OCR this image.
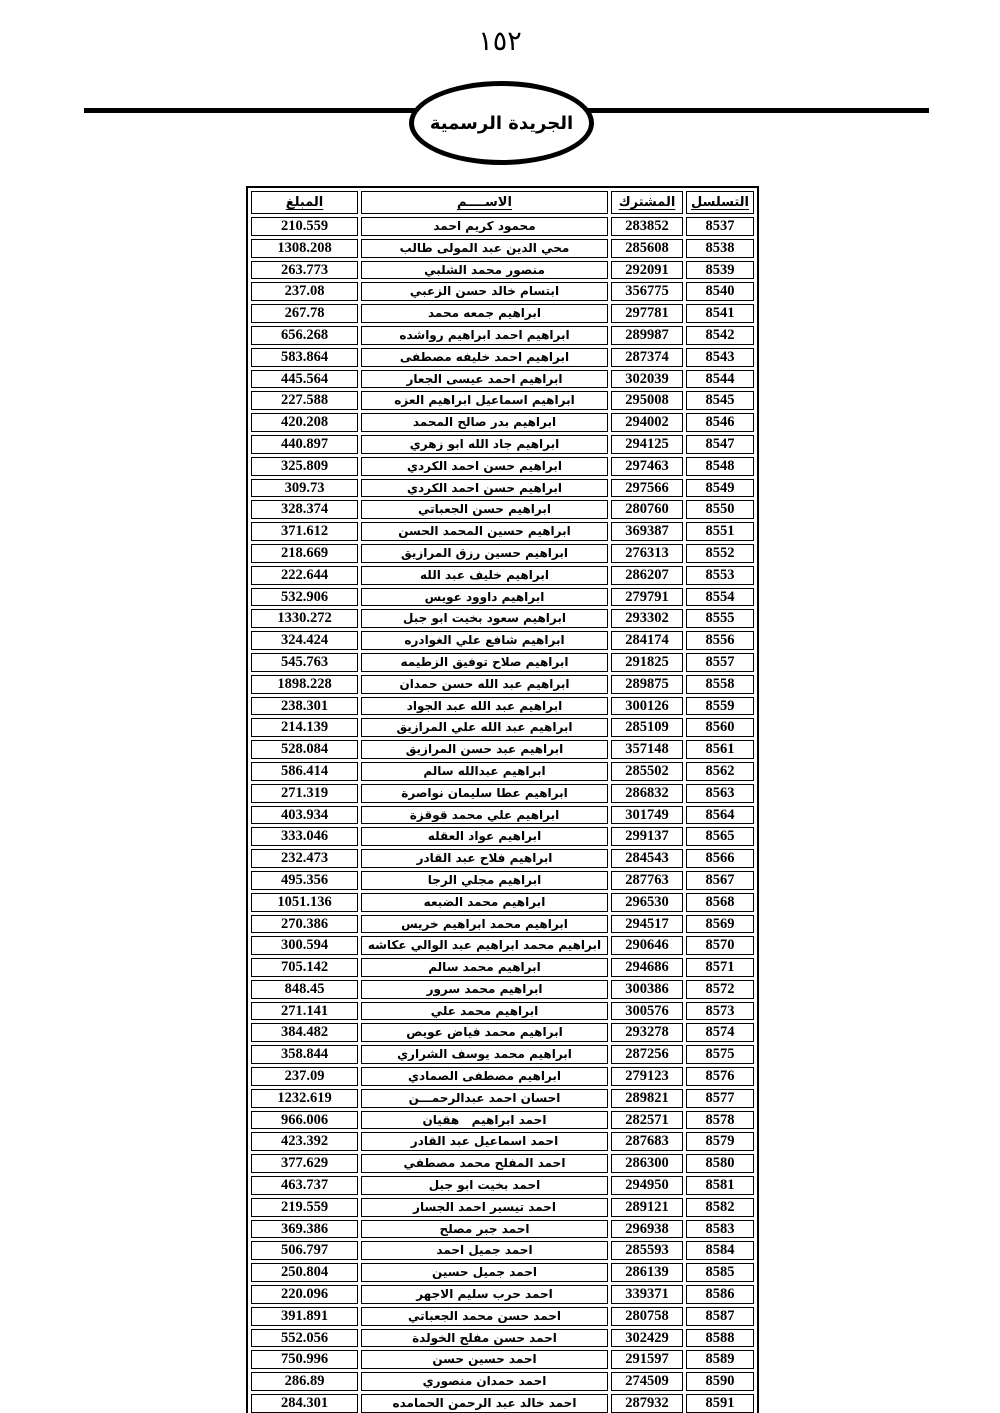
١٥٢
الجريدة الرسمية
التسلسل	المشترك	الاســــم	المبلغ
8537	283852	محمود كريم احمد	210.559
8538	285608	محي الدين عبد المولى طالب	1308.208
8539	292091	منصور محمد الشلبي	263.773
8540	356775	ابتسام خالد حسن الزعبي	237.08
8541	297781	ابراهيم جمعه محمد	267.78
8542	289987	ابراهيم احمد ابراهيم رواشده	656.268
8543	287374	ابراهيم احمد خليفه مصطفى	583.864
8544	302039	ابراهيم احمد عيسى الجعار	445.564
8545	295008	ابراهيم اسماعيل ابراهيم العزه	227.588
8546	294002	ابراهيم بدر صالح المحمد	420.208
8547	294125	ابراهيم جاد الله ابو زهري	440.897
8548	297463	ابراهيم حسن احمد الكردي	325.809
8549	297566	ابراهيم حسن احمد الكردي	309.73
8550	280760	ابراهيم حسن الجعباتي	328.374
8551	369387	ابراهيم حسين المحمد الحسن	371.612
8552	276313	ابراهيم حسين رزق المرازيق	218.669
8553	286207	ابراهيم خليف عبد الله	222.644
8554	279791	ابراهيم داوود عويس	532.906
8555	293302	ابراهيم سعود بخيت ابو جبل	1330.272
8556	284174	ابراهيم شافع علي الغوادره	324.424
8557	291825	ابراهيم صلاح توفيق الزطيمه	545.763
8558	289875	ابراهيم عبد الله حسن حمدان	1898.228
8559	300126	ابراهيم عبد الله عبد الجواد	238.301
8560	285109	ابراهيم عبد الله علي المرازيق	214.139
8561	357148	ابراهيم عبد حسن المرازيق	528.084
8562	285502	ابراهيم عبدالله سالم	586.414
8563	286832	ابراهيم عطا سليمان نواصرة	271.319
8564	301749	ابراهيم علي محمد قوقزة	403.934
8565	299137	ابراهيم عواد العقله	333.046
8566	284543	ابراهيم فلاح عبد القادر	232.473
8567	287763	ابراهيم مجلي الرجا	495.356
8568	296530	ابراهيم محمد الضبعه	1051.136
8569	294517	ابراهيم محمد ابراهيم خريس	270.386
8570	290646	ابراهيم محمد ابراهيم عبد الوالي عكاشه	300.594
8571	294686	ابراهيم محمد سالم	705.142
8572	300386	ابراهيم محمد سرور	848.45
8573	300576	ابراهيم محمد علي	271.141
8574	293278	ابراهيم محمد فياض عويص	384.482
8575	287256	ابراهيم محمد يوسف الشراري	358.844
8576	279123	ابراهيم مصطفى الصمادي	237.09
8577	289821	احسان احمد عبدالرحمـــن	1232.619
8578	282571	احمد ابراهيم   هقيان	966.006
8579	287683	احمد اسماعيل عبد القادر	423.392
8580	286300	احمد المفلح محمد مصطفي	377.629
8581	294950	احمد بخيت ابو جبل	463.737
8582	289121	احمد تيسير احمد الجسار	219.559
8583	296938	احمد جبر مصلح	369.386
8584	285593	احمد جميل احمد	506.797
8585	286139	احمد جميل حسين	250.804
8586	339371	احمد حرب سليم الاجهر	220.096
8587	280758	احمد حسن محمد الجعباتي	391.891
8588	302429	احمد حسن مفلح الخولدة	552.056
8589	291597	احمد حسين حسن	750.996
8590	274509	احمد حمدان منصوري	286.89
8591	287932	احمد خالد عبد الرحمن الحمامده	284.301
